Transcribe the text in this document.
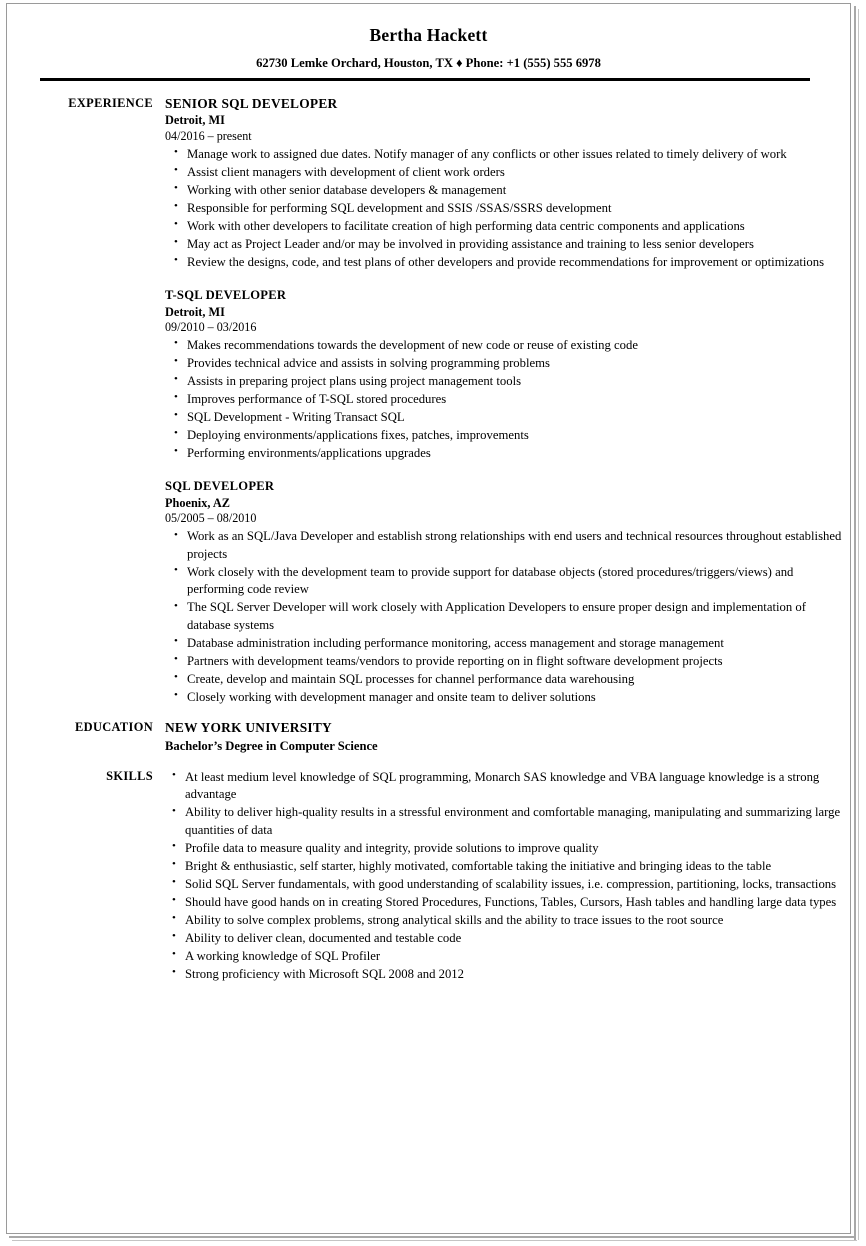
Bertha Hackett
62730 Lemke Orchard, Houston, TX ♦ Phone: +1 (555) 555 6978
EXPERIENCE SENIOR SQL DEVELOPER
Detroit, MI
04/2016 – present
• Manage work to assigned due dates. Notify manager of any conflicts or other issues related to timely delivery of work
• Assist client managers with development of client work orders
• Working with other senior database developers & management
• Responsible for performing SQL development and SSIS /SSAS/SSRS development
• Work with other developers to facilitate creation of high performing data centric components and applications
• May act as Project Leader and/or may be involved in providing assistance and training to less senior developers
• Review the designs, code, and test plans of other developers and provide recommendations for improvement or optimizations
T-SQL DEVELOPER
Detroit, MI
09/2010 – 03/2016
• Makes recommendations towards the development of new code or reuse of existing code
• Provides technical advice and assists in solving programming problems
• Assists in preparing project plans using project management tools
• Improves performance of T-SQL stored procedures
• SQL Development - Writing Transact SQL
• Deploying environments/applications fixes, patches, improvements
• Performing environments/applications upgrades
SQL DEVELOPER
Phoenix, AZ
05/2005 – 08/2010
• Work as an SQL/Java Developer and establish strong relationships with end users and technical resources throughout established projects
• Work closely with the development team to provide support for database objects (stored procedures/triggers/views) and performing code review
• The SQL Server Developer will work closely with Application Developers to ensure proper design and implementation of database systems
• Database administration including performance monitoring, access management and storage management
• Partners with development teams/vendors to provide reporting on in flight software development projects
• Create, develop and maintain SQL processes for channel performance data warehousing
• Closely working with development manager and onsite team to deliver solutions
EDUCATION NEW YORK UNIVERSITY
Bachelor’s Degree in Computer Science
SKILLS	• At least medium level knowledge of SQL programming, Monarch SAS knowledge and VBA language knowledge is a strong advantage
• Ability to deliver high-quality results in a stressful environment and comfortable managing, manipulating and summarizing large quantities of data
• Profile data to measure quality and integrity, provide solutions to improve quality
• Bright & enthusiastic, self starter, highly motivated, comfortable taking the initiative and bringing ideas to the table
• Solid SQL Server fundamentals, with good understanding of scalability issues, i.e. compression, partitioning, locks, transactions
• Should have good hands on in creating Stored Procedures, Functions, Tables, Cursors, Hash tables and handling large data types
• Ability to solve complex problems, strong analytical skills and the ability to trace issues to the root source
• Ability to deliver clean, documented and testable code
• A working knowledge of SQL Profiler
• Strong proficiency with Microsoft SQL 2008 and 2012
